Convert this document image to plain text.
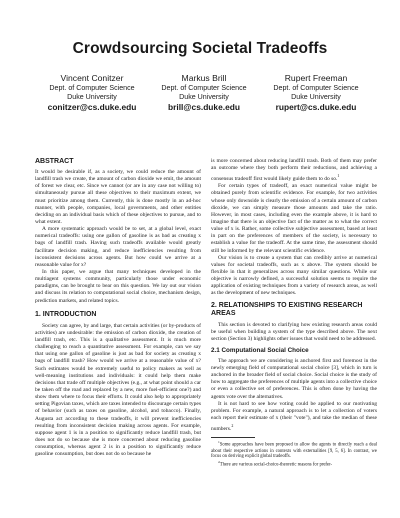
Crowdsourcing Societal Tradeoffs
Vincent Conitzer
Dept. of Computer Science
Duke University
conitzer@cs.duke.edu
Markus Brill
Dept. of Computer Science
Duke University
brill@cs.duke.edu
Rupert Freeman
Dept. of Computer Science
Duke University
rupert@cs.duke.edu
ABSTRACT

It would be desirable if, as a society, we could reduce the amount of landfill trash we create, the amount of carbon dioxide we emit, the amount of forest we clear, etc. Since we cannot (or are in any case not willing to) simultaneously pursue all these objectives to their maximum extent, we must prioritize among them. Currently, this is done mostly in an ad-hoc manner, with people, companies, local governments, and other entities deciding on an individual basis which of these objectives to pursue, and to what extent.

A more systematic approach would be to set, at a global level, exact numerical tradeoffs: using one gallon of gasoline is as bad as creating x bags of landfill trash. Having such tradeoffs available would greatly facilitate decision making, and reduce inefficiencies resulting from inconsistent decisions across agents. But how could we arrive at a reasonable value for x?

In this paper, we argue that many techniques developed in the multiagent systems community, particularly those under economic paradigms, can be brought to bear on this question. We lay out our vision and discuss its relation to computational social choice, mechanism design, prediction markets, and related topics.

1. INTRODUCTION

Society can agree, by and large, that certain activities (or by-products of activities) are undesirable: the emission of carbon dioxide, the creation of landfill trash, etc. This is a qualitative assessment. It is much more challenging to reach a quantitative assessment. For example, can we say that using one gallon of gasoline is just as bad for society as creating x bags of landfill trash? How would we arrive at a reasonable value of x? Such estimates would be extremely useful to policy makers as well as well-meaning institutions and individuals: it could help them make decisions that trade off multiple objectives (e.g., at what point should a car be taken off the road and replaced by a new, more fuel-efficient one?) and show them where to focus their efforts. It could also help to appropriately setting Pigovian taxes, which are taxes intended to discourage certain types of behavior (such as taxes on gasoline, alcohol, and tobacco). Finally, Augusta act according to these tradeoffs, it will prevent inefficiencies resulting from inconsistent decision making across agents. For example, suppose agent 1 is in a position to significantly reduce landfill trash, but does not do so because she is more concerned about reducing gasoline consumption, whereas agent 2 is in a position to significantly reduce gasoline consumption, but does not do so because he

is more concerned about reducing landfill trash. Both of them may prefer an outcome where they both perform their reductions, and achieving a consensus tradeoff first would likely guide them to do so.$^1$

For certain types of tradeoff, an exact numerical value might be obtained purely from scientific evidence. For example, for two activities whose only downside is clearly the emission of a certain amount of carbon dioxide, we can simply measure those amounts and take the ratio. However, in most cases, including even the example above, it is hard to imagine that there is an objective fact of the matter as to what the correct value of x is. Rather, some collective subjective assessment, based at least in part on the preferences of members of the society, is necessary to establish a value for the tradeoff. At the same time, the assessment should still be informed by the relevant scientific evidence.

Our vision is to create a system that can credibly arrive at numerical values for societal tradeoffs, such as x above. The system should be flexible in that it generalizes across many similar questions. While our objective is narrowly defined, a successful solution seems to require the application of existing techniques from a variety of research areas, as well as the development of new techniques.

2. RELATIONSHIPS TO EXISTING RESEARCH AREAS

This section is devoted to clarifying how existing research areas could be useful when building a system of the type described above. The next section (Section 3) highlights other issues that would need to be addressed.

2.1 Computational Social Choice

The approach we are considering is anchored first and foremost in the newly emerging field of computational social choice [3], which in turn is anchored in the broader field of social choice. Social choice is the study of how to aggregate the preferences of multiple agents into a collective choice or even a collective set of preferences. This is often done by having the agents vote over the alternatives.

It is not hard to see how voting could be applied to our motivating problem. For example, a natural approach is to let a collection of voters each report their estimate of x (their "vote"), and take the median of these numbers.$^2$

$^1$Some approaches have been proposed to allow the agents to directly reach a deal about their respective actions in contexts with externalities [9, 5, 6]. In contrast, we focus on deriving explicit global tradeoffs.

$^2$There are various social-choice-theoretic reasons for prefer-
